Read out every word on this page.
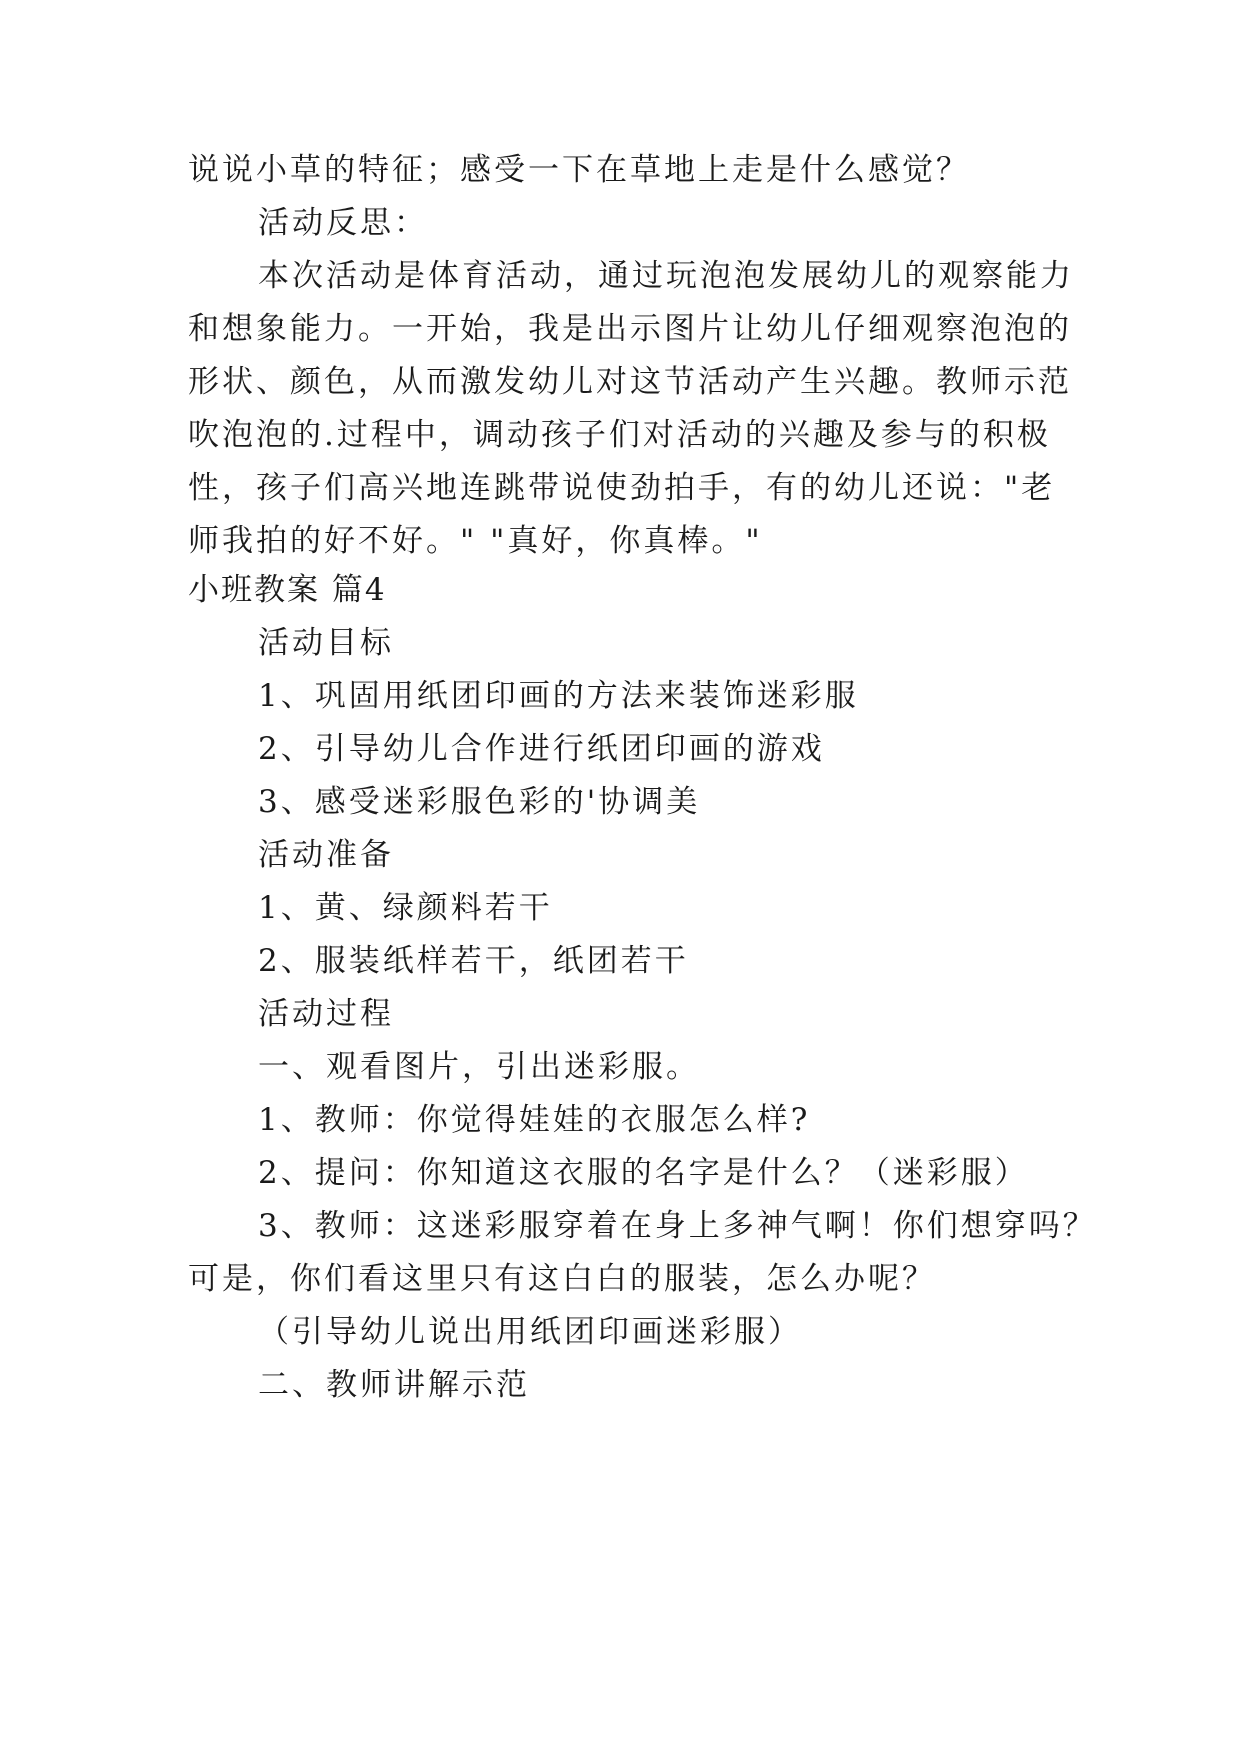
说说小草的特征；感受一下在草地上走是什么感觉？
活动反思：
本次活动是体育活动，通过玩泡泡发展幼儿的观察能力
和想象能力。一开始，我是出示图片让幼儿仔细观察泡泡的
形状、颜色，从而激发幼儿对这节活动产生兴趣。教师示范
吹泡泡的.过程中，调动孩子们对活动的兴趣及参与的积极
性，孩子们高兴地连跳带说使劲拍手，有的幼儿还说："老
师我拍的好不好。" "真好，你真棒。"
小班教案 篇4
活动目标
1、巩固用纸团印画的方法来装饰迷彩服
2、引导幼儿合作进行纸团印画的游戏
3、感受迷彩服色彩的'协调美
活动准备
1、黄、绿颜料若干
2、服装纸样若干，纸团若干
活动过程
一、观看图片，引出迷彩服。
1、教师：你觉得娃娃的衣服怎么样?
2、提问：你知道这衣服的名字是什么？（迷彩服）
3、教师：这迷彩服穿着在身上多神气啊！你们想穿吗？
可是，你们看这里只有这白白的服装，怎么办呢？
（引导幼儿说出用纸团印画迷彩服）
二、教师讲解示范
